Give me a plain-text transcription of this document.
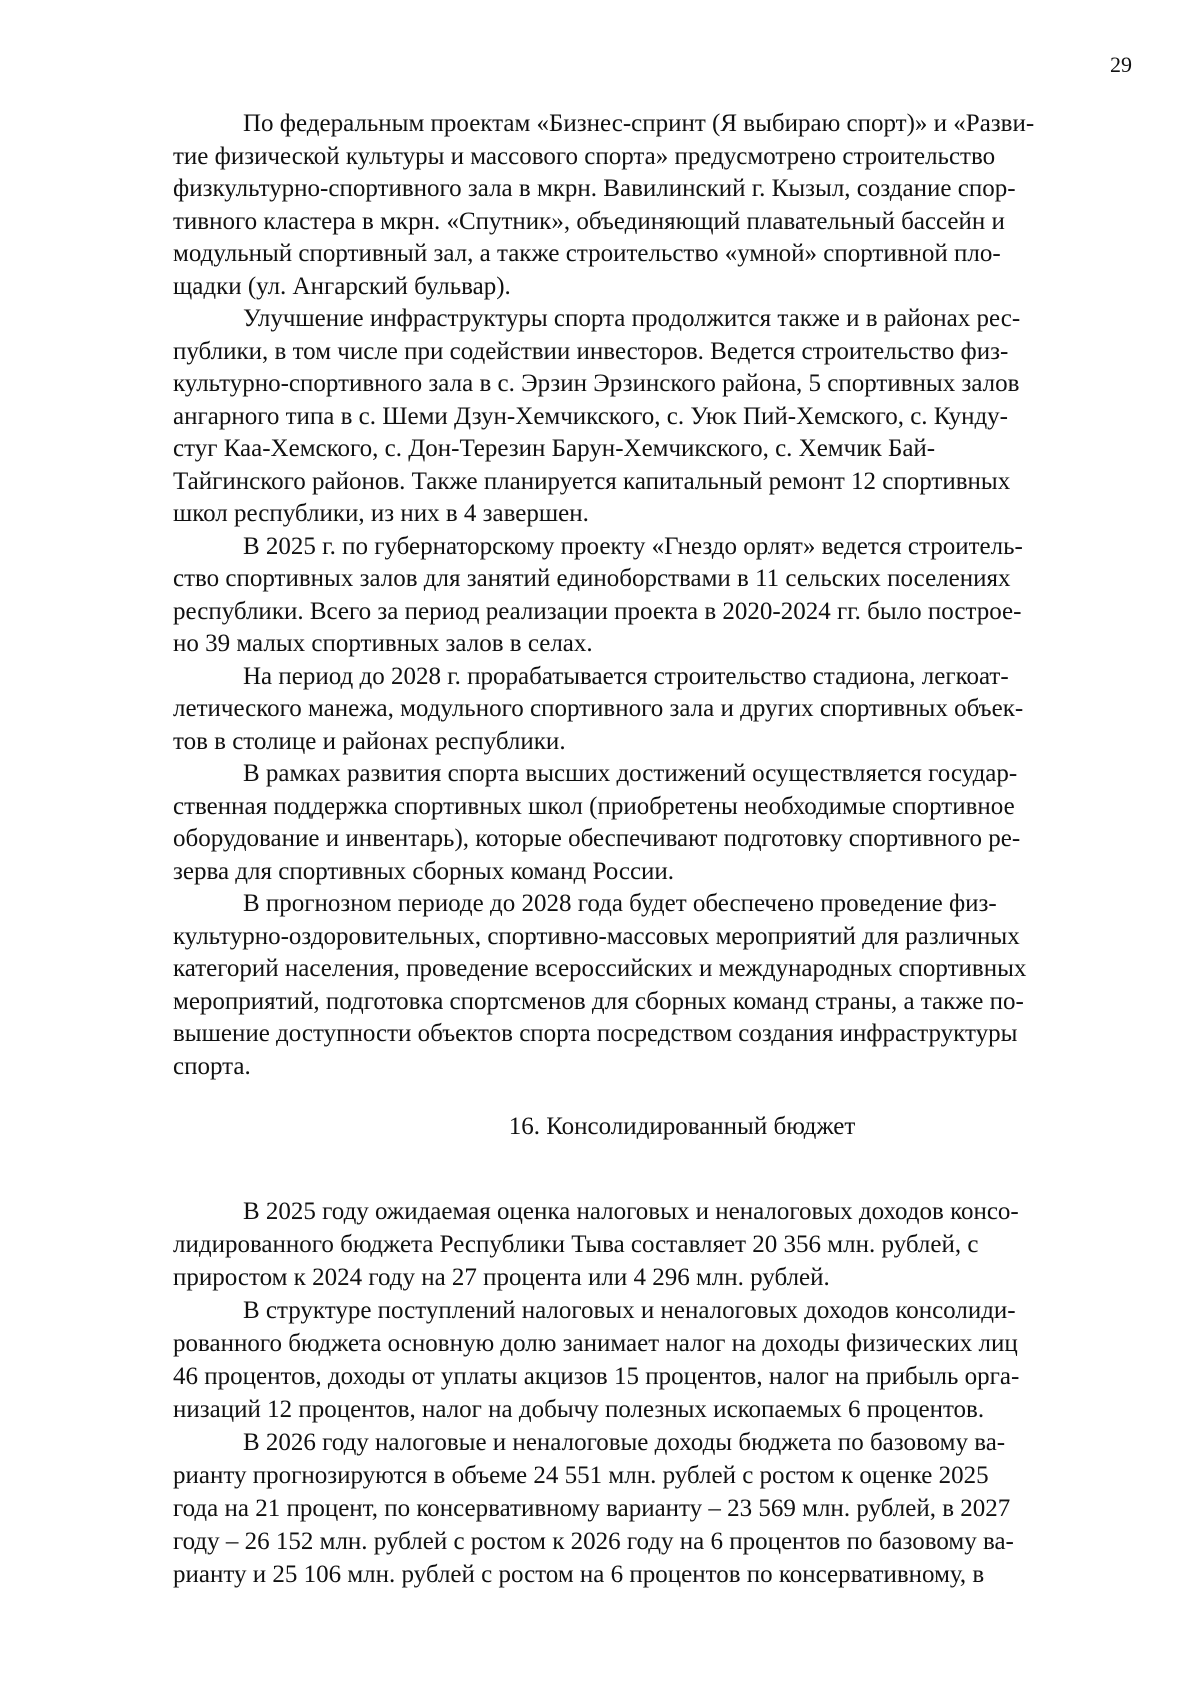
29

По федеральным проектам «Бизнес-спринт (Я выбираю спорт)» и «Разви-
тие физической культуры и массового спорта» предусмотрено строительство
физкультурно-спортивного зала в мкрн. Вавилинский г. Кызыл, создание спор-
тивного кластера в мкрн. «Спутник», объединяющий плавательный бассейн и
модульный спортивный зал, а также строительство «умной» спортивной пло-
щадки (ул. Ангарский бульвар).

Улучшение инфраструктуры спорта продолжится также и в районах рес-
публики, в том числе при содействии инвесторов. Ведется строительство физ-
культурно-спортивного зала в с. Эрзин Эрзинского района, 5 спортивных залов
ангарного типа в с. Шеми Дзун-Хемчикского, с. Уюк Пий-Хемского, с. Кунду-
стуг Каа-Хемского, с. Дон-Терезин Барун-Хемчикского, с. Хемчик Бай-
Тайгинского районов. Также планируется капитальный ремонт 12 спортивных
школ республики, из них в 4 завершен.

В 2025 г. по губернаторскому проекту «Гнездо орлят» ведется строитель-
ство спортивных залов для занятий единоборствами в 11 сельских поселениях
республики. Всего за период реализации проекта в 2020-2024 гг. было построе-
но 39 малых спортивных залов в селах.

На период до 2028 г. прорабатывается строительство стадиона, легкоат-
летического манежа, модульного спортивного зала и других спортивных объек-
тов в столице и районах республики.

В рамках развития спорта высших достижений осуществляется государ-
ственная поддержка спортивных школ (приобретены необходимые спортивное
оборудование и инвентарь), которые обеспечивают подготовку спортивного ре-
зерва для спортивных сборных команд России.

В прогнозном периоде до 2028 года будет обеспечено проведение физ-
культурно-оздоровительных, спортивно-массовых мероприятий для различных
категорий населения, проведение всероссийских и международных спортивных
мероприятий, подготовка спортсменов для сборных команд страны, а также по-
вышение доступности объектов спорта посредством создания инфраструктуры
спорта.

16. Консолидированный бюджет

В 2025 году ожидаемая оценка налоговых и неналоговых доходов консо-
лидированного бюджета Республики Тыва составляет 20 356 млн. рублей, с
приростом к 2024 году на 27 процента или 4 296 млн. рублей.

В структуре поступлений налоговых и неналоговых доходов консолиди-
рованного бюджета основную долю занимает налог на доходы физических лиц
46 процентов, доходы от уплаты акцизов 15 процентов, налог на прибыль орга-
низаций 12 процентов, налог на добычу полезных ископаемых 6 процентов.

В 2026 году налоговые и неналоговые доходы бюджета по базовому ва-
рианту прогнозируются в объеме 24 551 млн. рублей с ростом к оценке 2025
года на 21 процент, по консервативному варианту – 23 569 млн. рублей, в 2027
году – 26 152 млн. рублей с ростом к 2026 году на 6 процентов по базовому ва-
рианту и 25 106 млн. рублей с ростом на 6 процентов по консервативному, в
